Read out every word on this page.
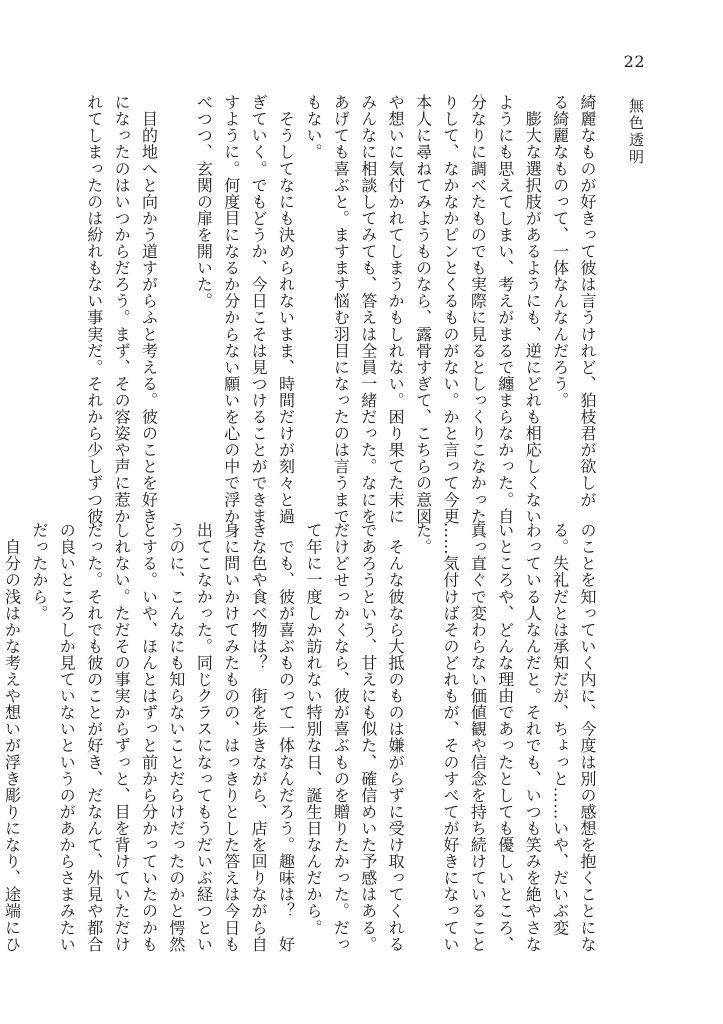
22
無色透明

綺麗なものが好きって彼は言うけれど、狛枝君が欲しが

る綺麗なものって、一体なんなんだろう。

　膨大な選択肢があるようにも、逆にどれも相応しくない

ようにも思えてしまい、考えがまるで纏まらなかった。自

分なりに調べたものでも実際に見るとしっくりこなかった

りして、なかなかピンとくるものがない。かと言って今更

本人に尋ねてみようものなら、露骨すぎて、こちらの意図

や想いに気付かれてしまうかもしれない。困り果てた末に

みんなに相談してみても、答えは全員一緒だった。なにを

あげても喜ぶと。ますます悩む羽目になったのは言うまで

もない。

　そうしてなにも決められないまま、時間だけが刻々と過

ぎていく。でもどうか、今日こそは見つけることができま

すように。何度目になるか分からない願いを心の中で浮か

べつつ、玄関の扉を開いた。

　目的地へと向かう道すがらふと考える。彼のことを好き

になったのはいつからだろう。まず、その容姿や声に惹か

れてしまったのは紛れもない事実だ。それから少しずつ彼

のことを知っていく内に、今度は別の感想を抱くことにな

る。失礼だとは承知だが、ちょっと……いや、だいぶ変

わっている人なんだと。それでも、いつも笑みを絶やさな

いところや、どんな理由であったとしても優しいところ、

真っ直ぐで変わらない価値観や信念を持ち続けていること

……気付けばそのどれもが、そのすべてが好きになってい

た。

　そんな彼なら大抵のものは嫌がらずに受け取ってくれる

であろうという、甘えにも似た、確信めいた予感はある。

だけどせっかくなら、彼が喜ぶものを贈りたかった。だっ

て年に一度しか訪れない特別な日、誕生日なんだから。

　でも、彼が喜ぶものって一体なんだろう。趣味は？　好

きな色や食べ物は？　街を歩きながら、店を回りながら自

身に問いかけてみたものの、はっきりとした答えは今日も

出てこなかった。同じクラスになってもうだいぶ経つとい

うのに、こんなにも知らないことだらけだったのかと愕然

とする。いや、ほんとはずっと前から分かっていたのかも

しれない。ただその事実からずっと、目を背けていただけ

だった。それでも彼のことが好き、だなんて、外見や都合

の良いところしか見ていないというのがあからさまみたい

だったから。

　自分の浅はかな考えや想いが浮き彫りになり、途端にひ
